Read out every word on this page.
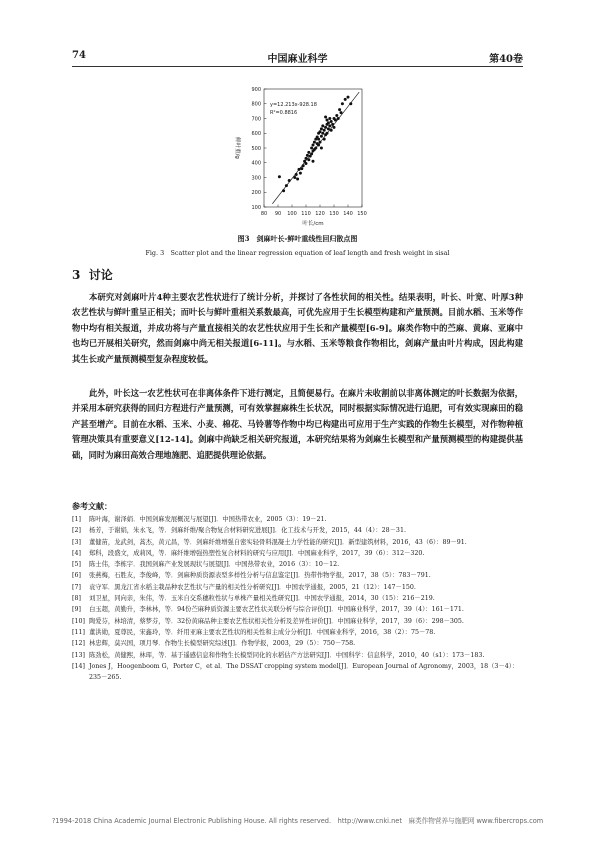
74	中国麻业科学	第40卷
80 90 100 110 120 130 140 150
100
200
300
400
500
600
700
800
900
叶长/cm
鲜叶重/g
y=12.213x-928.18
R²=0.8816
图3　剑麻叶长-鲜叶重线性回归散点图
Fig. 3　Scatter plot and the linear regression equation of leaf length and fresh weight in sisal
3 讨论
本研究对剑麻叶片4种主要农艺性状进行了统计分析，并探讨了各性状间的相关性。结果表明，叶长、叶宽、叶厚3种农艺性状与鲜叶重呈正相关；而叶长与鲜叶重相关系数最高，可优先应用于生长模型构建和产量预测。目前水稻、玉米等作物中均有相关报道，并成功将与产量直接相关的农艺性状应用于生长和产量模型[6-9]。麻类作物中的苎麻、黄麻、亚麻中也均已开展相关研究，然而剑麻中尚无相关报道[6-11]。与水稻、玉米等粮食作物相比，剑麻产量由叶片构成，因此构建其生长或产量预测模型复杂程度较低。
此外，叶长这一农艺性状可在非离体条件下进行测定，且简便易行。在麻片未收割前以非离体测定的叶长数据为依据，并采用本研究获得的回归方程进行产量预测，可有效掌握麻株生长状况，同时根据实际情况进行追肥，可有效实现麻田的稳产甚至增产。目前在水稻、玉米、小麦、棉花、马铃薯等作物中均已构建出可应用于生产实践的作物生长模型，对作物种植管理决策具有重要意义[12-14]。剑麻中尚缺乏相关研究报道，本研究结果将为剑麻生长模型和产量预测模型的构建提供基础，同时为麻田高效合理地施肥、追肥提供理论依据。
参考文献：
[1]	陈叶海，谢泽娟．中国剑麻发展概况与展望[J]．中国热带农业，2005（3）：19－21.
[2]	杨芳，于谢娟，朱永飞，等．剑麻纤维/聚合物复合材料研究进展[J]．化工技术与开发，2015，44（4）：28－31.
[3]	董健苗，龙武剑，蒿杰，黄元昌，等．剑麻纤维增强自密实轻骨料混凝土力学性能的研究[J]．新型建筑材料，2016，43（6）：89－91.
[4]	郑科，段盛文，成莉风，等．麻纤维增强热塑性复合材料的研究与应用[J]．中国麻业科学，2017，39（6）：312－320.
[5]	陈士伟，李栋宇．我国剑麻产业发展现状与展望[J]．中国热带农业，2016（3）：10－12.
[6]	张燕梅，石胜友，李俊峰，等．剑麻种质资源表型多样性分析与信息鉴定[J]．热带作物学报，2017，38（5）：783－791.
[7]	袁守军．黑龙江省水稻主栽品种农艺性状与产量的相关性分析研究[J]．中国农学通报，2005，21（12）：147－150.
[8]	刘卫星，同向亲，朱伟，等．玉米自交系穗粒性状与单株产量相关性研究[J]．中国农学通报，2014，30（15）：216－219.
[9]	白玉超，黄勤升，李林林，等．94份苎麻种质资源主要农艺性状关联分析与综合评价[J]．中国麻业科学，2017，39（4）：161－171.
[10] 陶爱芬，林培清，蔡梦芬，等．32份黄麻品种主要农艺性状相关性分析及差异性评价[J]．中国麻业科学，2017，39（6）：298－305.
[11] 董洪勋，夏尊民，宋鑫玲，等．纤用亚麻主要农艺性状的相关性和主成分分析[J]．中国麻业科学，2016，38（2）：75－78.
[12] 林忠辉，莫兴国，项月琴．作物生长模型研究综述[J]．作物学报，2003，29（5）：750－758.
[13] 陈劲松，黄健熙，林珲，等．基于遥感信息和作物生长模型同化的水稻估产方法研究[J]．中国科学：信息科学，2010，40（s1）：173－183.
[14] Jones J，Hoogenboom G，Porter C，et al．The DSSAT cropping system model[J]．European Journal of Agronomy，2003，18（3－4）：235－265.
?1994-2018 China Academic Journal Electronic Publishing House. All rights reserved.　http://www.cnki.net　麻类作物营养与施肥网 www.fibercrops.com
